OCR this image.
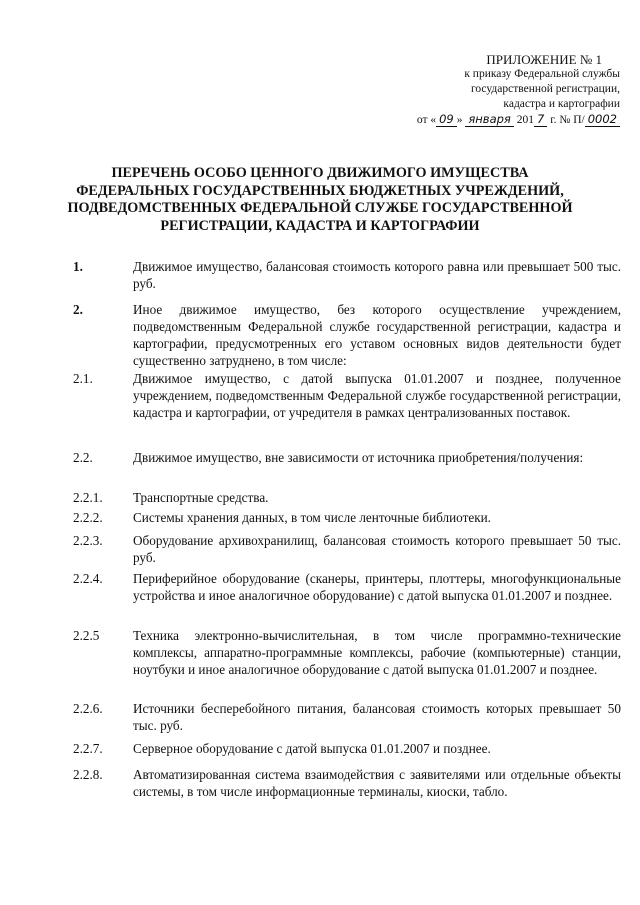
ПРИЛОЖЕНИЕ № 1
к приказу Федеральной службы
государственной регистрации,
кадастра и картографии
от « 09 » января 201 7 г. № П/ 0002
ПЕРЕЧЕНЬ ОСОБО ЦЕННОГО ДВИЖИМОГО ИМУЩЕСТВА
ФЕДЕРАЛЬНЫХ ГОСУДАРСТВЕННЫХ БЮДЖЕТНЫХ УЧРЕЖДЕНИЙ,
ПОДВЕДОМСТВЕННЫХ ФЕДЕРАЛЬНОЙ СЛУЖБЕ ГОСУДАРСТВЕННОЙ
РЕГИСТРАЦИИ, КАДАСТРА И КАРТОГРАФИИ
1.	Движимое имущество, балансовая стоимость которого равна или превышает 500 тыс. руб.
2.	Иное движимое имущество, без которого осуществление учреждением, подведомственным Федеральной службе государственной регистрации, кадастра и картографии, предусмотренных его уставом основных видов деятельности будет существенно затруднено, в том числе:
2.1.	Движимое имущество, с датой выпуска 01.01.2007 и позднее, полученное учреждением, подведомственным Федеральной службе государственной регистрации, кадастра и картографии, от учредителя в рамках централизованных поставок.
2.2.	Движимое имущество, вне зависимости от источника приобретения/получения:
2.2.1.	Транспортные средства.
2.2.2.	Системы хранения данных, в том числе ленточные библиотеки.
2.2.3.	Оборудование архивохранилищ, балансовая стоимость которого превышает 50 тыс. руб.
2.2.4.	Периферийное оборудование (сканеры, принтеры, плоттеры, многофункциональные устройства и иное аналогичное оборудование) с датой выпуска 01.01.2007 и позднее.
2.2.5	Техника электронно-вычислительная, в том числе программно-технические комплексы, аппаратно-программные комплексы, рабочие (компьютерные) станции, ноутбуки и иное аналогичное оборудование с датой выпуска 01.01.2007 и позднее.
2.2.6.	Источники бесперебойного питания, балансовая стоимость которых превышает 50 тыс. руб.
2.2.7.	Серверное оборудование с датой выпуска 01.01.2007 и позднее.
2.2.8.	Автоматизированная система взаимодействия с заявителями или отдельные объекты системы, в том числе информационные терминалы, киоски, табло.
